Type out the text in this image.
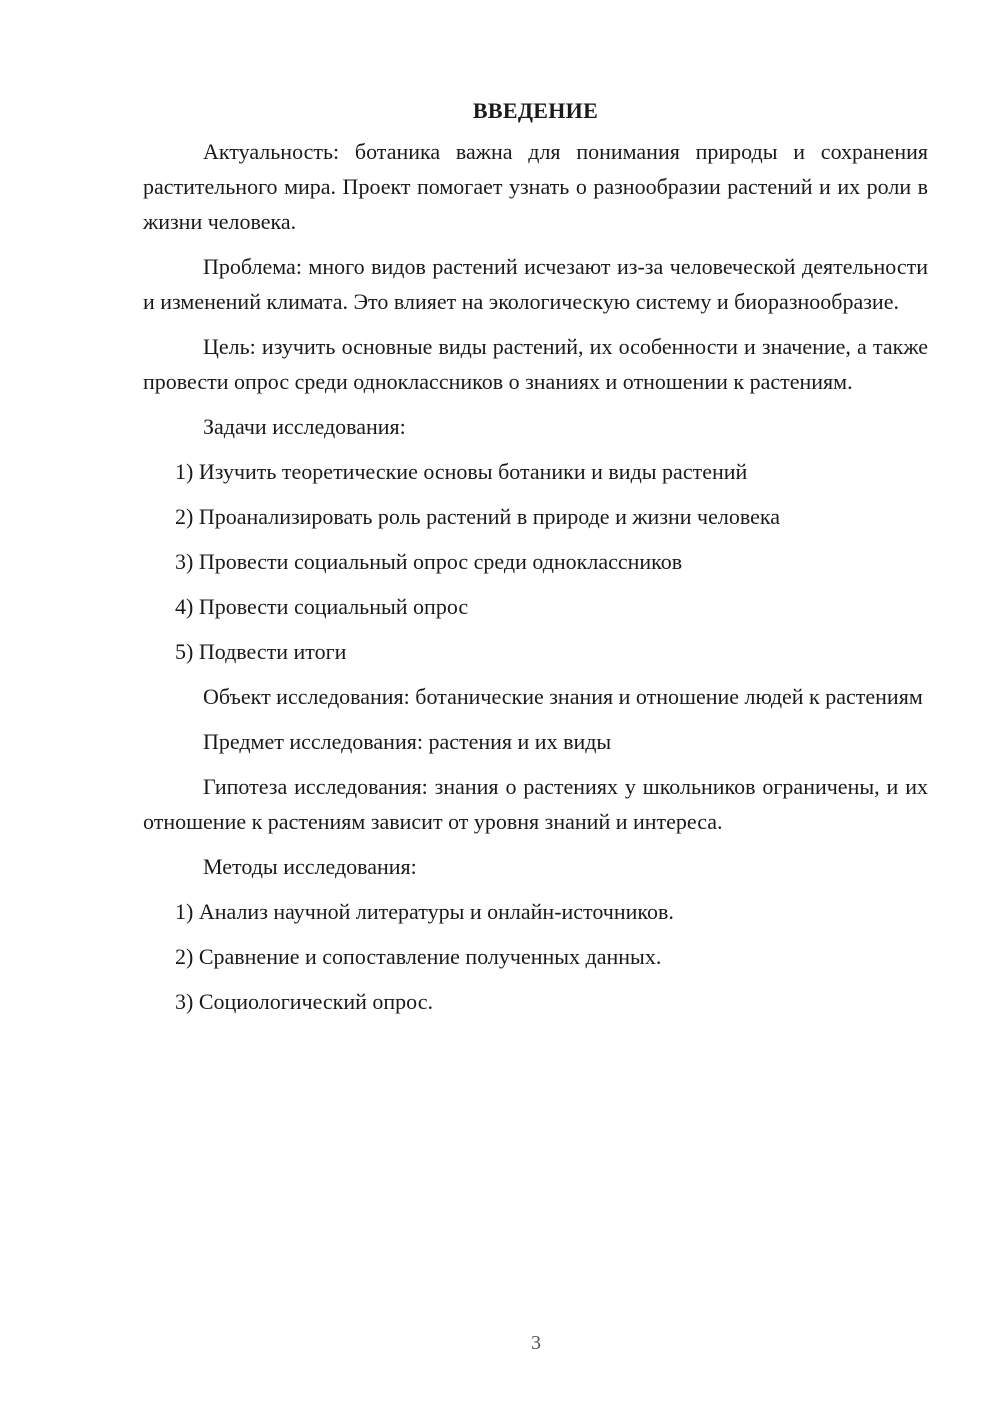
ВВЕДЕНИЕ

Актуальность: ботаника важна для понимания природы и сохранения растительного мира. Проект помогает узнать о разнообразии растений и их роли в жизни человека.

Проблема: много видов растений исчезают из-за человеческой деятельности и изменений климата. Это влияет на экологическую систему и биоразнообразие.

Цель: изучить основные виды растений, их особенности и значение, а также провести опрос среди одноклассников о знаниях и отношении к растениям.

Задачи исследования:

1) Изучить теоретические основы ботаники и виды растений
2) Проанализировать роль растений в природе и жизни человека
3) Провести социальный опрос среди одноклассников
4) Провести социальный опрос
5) Подвести итоги

Объект исследования: ботанические знания и отношение людей к растениям

Предмет исследования: растения и их виды

Гипотеза исследования: знания о растениях у школьников ограничены, и их отношение к растениям зависит от уровня знаний и интереса.

Методы исследования:

1) Анализ научной литературы и онлайн-источников.
2) Сравнение и сопоставление полученных данных.
3) Социологический опрос.
3
